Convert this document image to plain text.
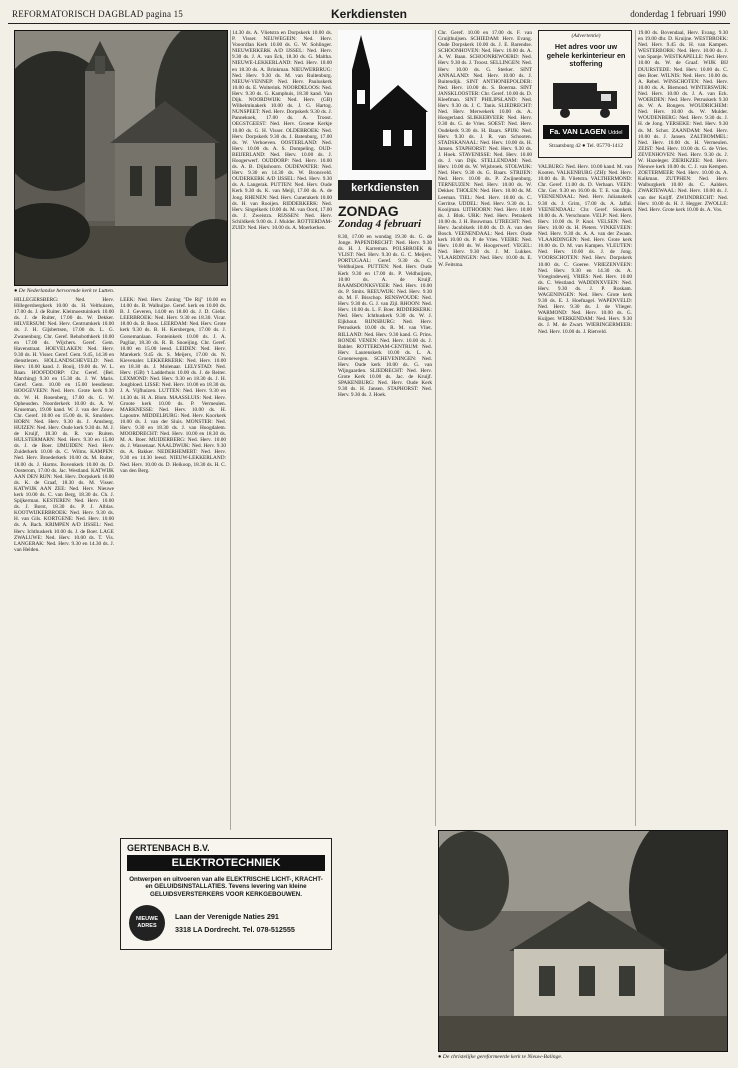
REFORMATORISCH DAGBLAD pagina 15	Kerkdiensten	donderdag 1 februari 1990
● De Nederlandse hervormde kerk te Lutten.

HILLEGERSBERG: Ned. Herv. Hillegersbergkerk 10.00 ds. H. Velthuizen, 17.00 ds. J. de Ruiter. Kleimoestuinkerk 10.00 ds. J. de Ruiter, 17.00 ds. W. Dekker. HILVERSUM: Ned. Herv. Centrumkerk 10.00 ds. J. H. Gijsbertsen, 17.00 ds. L. G. Zwanenburg. Chr. Geref. Rehobothkerk 10.00 en 17.00 ds. Wijchers. Geref. Gem. Havenstraat. HOEVELAKEN: Ned. Herv. 9.30 ds. H. Visser. Geref. Gem. 9.45, 14.30 en dienstlezen. HOLLANDSCHEVELD: Ned. Herv. 10.00 kand. J. Booij, 19.00 ds. W. L. Baan. HOOFDDORP: Chr. Geref. (Bel. Marching) 9.30 en 15.30 ds. J. W. Maris. Geref. Gem. 10.00 en 15.00 leesdienst. HOOGEVEEN: Ned. Herv. Grote kerk 9.30 ds. W. H. Rosenberg, 17.00 ds. G. W. Opheusden. Noorderkerk 10.00 ds. A. W. Kruseman, 19.00 kand. W. J. van der Zouw. Chr. Geref. 10.00 en 15.00 ds. K. Smolders. HORN: Ned. Herv. 9.30 ds. J. Amsberg. HUIZEN: Ned. Herv. Oude kerk 9.30 ds. M. J. de Kruijf, 18.30 ds. R. van Ruiten. HULSTERMARN: Ned. Herv. 9.30 en 15.00 ds. J. de Boer. IJMUIDEN: Ned. Herv. Zuiderkerk 10.00 ds. C. Wilms. KAMPEN: Ned. Herv. Broederkerk 10.00 ds. M. Ruiter, 18.00 ds. J. Harms. Bovenkerk 10.00 ds. D. Oosterom, 17.00 ds. Jac. Westland. KATWIJK AAN DEN RIJN: Ned. Herv. Dorpskerk 10.00 ds. K. de Graaf, 18.30 ds. M. Visser. KATWIJK AAN ZEE: Ned. Herv. Nieuwe kerk 10.00 ds. C. van Berg, 18.30 ds. Ch. J. Spijkerman. KESTEREN: Ned. Herv. 10.00 ds. J. Borst, 18.30 ds. P. J. Alblas. KOOTWIJKERBROEK: Ned. Herv. 9.30 ds. H. van Gils. KORTGENE: Ned. Herv. 10.00 ds. A. Bach. KRIMPEN A/D IJSSEL: Ned. Herv. Ichthuskerk 10.00 ds. J. de Boer. LAGE ZWALUWE: Ned. Herv. 10.00 ds. T. Vis. LANGERAK: Ned. Herv. 9.30 en 14.30 ds. J. van Helden.

LEEK: Ned. Herv. Zoning "De Rij" 10.00 en 14.00 ds. B. Walhuijze. Geref. kerk en 10.00 ds. B. J. Geveren, 14.00 en 18.00 ds. J. D. Gielis. LEERBROEK: Ned. Herv. 9.30 en 18.30. Vicar. 18.00 ds. B. Roos. LEERDAM: Ned. Herv. Grote kerk 9.30 ds. B. H. Kersbergen, 17.00 ds. J. Gorsemanlaan. Fonteinkerk 10.00 ds. J. A. Pagliar, 18.30 ds. R. B. Snoeijing. Chr. Geref. 10.00 en 15.00 leesd. LEIDEN: Ned. Herv. Marekerk 9.45 ds. S. Meijers, 17.00 ds. N. Kievenaler. LEKKERKERK: Ned. Herv. 10.00 en 18.30 ds. J. Molenaar. LELYSTAD: Ned. Herv. (GB) 't Ladderhuis 10.00 ds. J. de Reiter. LEXMOND: Ned. Herv. 9.30 en 18.30 ds. J. H. Jongbloed. LISSE: Ned. Herv. 10.00 en 18.30 ds. J. A. Vijfhuizen. LUTTEN: Ned. Herv. 9.30 en 14.30 ds. H. A. Blom. MAASSLUIS: Ned. Herv. Groote kerk 10.00 ds. P. Vermeulen. MARKNESSE: Ned. Herv. 10.00 ds. H. Lapoutre. MIDDELBURG: Ned. Herv. Koorkerk 10.00 ds. J. van der Sluis. MONSTER: Ned. Herv. 9.30 en 18.30 ds. J. van Hoogdalem. MOORDRECHT: Ned. Herv. 10.00 en 18.30 ds. M. A. Boer. MUIDERBERG: Ned. Herv. 10.00 ds. J. Wassenaar. NAALDWIJK: Ned. Herv. 9.30 ds. A. Bakker. NEDERHEMERT: Ned. Herv. 9.30 en 14.30 leesd. NIEUW-LEKKERLAND: Ned. Herv. 10.00 ds. D. Heikoop, 18.30 ds. H. C. van den Berg.

14.30 ds. A. Vlietstra en Dorpskerk 10.00 ds. P. Visser. NEUWEGEIN: Ned. Herv. Vooordlan Kerk 10.00 ds. G. W. Sohlinger. NIEUWERKERK A/D IJSSEL: Ned. Herv. 9.30 ds. J. A. van Eck, 18.30 ds. G. Maltha. NIEUWE-LEKKERLAND: Ned. Herv. 10.00 en 18.30 ds. A. Brinkman. NIEUWERBRUG: Ned. Herv. 9.30 ds. M. van Ruitenburg. NIEUW-VENNEP: Ned. Herv. Pauluskerk 10.00 ds. E. Wolterink. NOORDELOOS: Ned. Herv. 9.30 ds. G. Kamphuis, 18.30 kand. Van Dijk. NOORDWIJK: Ned. Herv. (GB) Wilhelminakerk 10.00 ds. J. G. Hartog. NUNSPEET: Ned. Herv. Dorpskerk 9.30 ds. J. Pannekoek, 17.00 ds. A. Troost. OEGSTGEEST: Ned. Herv. Groene Kerkje 10.00 ds. G. H. Visser. OLDEBROEK: Ned. Herv. Dorpskerk 9.30 ds. J. Batenburg, 17.00 ds. W. Verhoeven. OOSTERLAND: Ned. Herv. 10.00 ds. A. S. Dompeling. OUD-BEIJERLAND: Ned. Herv. 10.00 ds. J. Hoogerwerf. OUDDORP: Ned. Herv. 10.00 ds. A. B. Dijkshoorn. OUDEWATER: Ned. Herv. 9.30 en 14.30 ds. W. Bronsveld. OUDERKERK A/D IJSSEL: Ned. Herv. 9.30 ds. A. Langerak. PUTTEN: Ned. Herv. Oude Kerk 9.30 ds. K. van Meijl, 17.00 ds. A. de Jong. RHENEN: Ned. Herv. Cunerakerk 10.00 ds. H. van Rooijen. RIDDERKERK: Ned. Herv. Singelkerk 10.00 ds. M. van Oord, 17.00 ds. J. Zweistra. RIJSSEN: Ned. Herv. Schildkerk 9.00 ds. J. Mulder. ROTTERDAM-ZUID: Ned. Herv. 10.00 ds. A. Moerkerken.

GERTENBACH B.V.
ELEKTROTECHNIEK
Ontwerpen en uitvoeren van alle ELEKTRISCHE LICHT-, KRACHT- en GELUIDSINSTALLATIES. Tevens levering van kleine GELUIDSVERSTERKERS VOOR KERKGEBOUWEN.
NIEUWE ADRES
Laan der Verenigde Naties 291
3318 LA Dordrecht. Tel. 078-512555
kerkdiensten
ZONDAG
Zondag 4 februari

8.30, 17.00 en wondag 19.30 ds. G. de Jonge. PAPENDRECHT: Ned. Herv. 9.30 ds. H. J. Karreman. POLSBROEK & VLIST: Ned. Herv. 9.30 ds. G. C. Meijers. PORTUGAAL: Geref. 9.30 ds. C. Veldhuijzen. PUTTEN: Ned. Herv. Oude Kerk 9.30 en 17.00 ds. P. Veldhuijzen, 10.00 ds. A. de Kruijf. RAAMSDONKSVEER: Ned. Herv. 10.00 ds. P. Smits. REEUWIJK: Ned. Herv. 9.30 ds. M. F. Bisschop. RENSWOUDE: Ned. Herv. 9.30 ds. G. J. van Zijl. RHOON: Ned. Herv. 10.00 ds. L. F. Boer. RIDDERKERK: Ned. Herv. Ichthuskerk 9.30 ds. W. J. Eijkhout. RIJNSBURG: Ned. Herv. Petruskerk 10.00 ds. R. M. van Vliet. RILLAND: Ned. Herv. 9.30 kand. G. Prins. RONDE VENEN: Ned. Herv. 10.00 ds. J. Bahler. ROTTERDAM-CENTRUM: Ned. Herv. Laurenskerk 10.00 ds. L. A. Groenewegen. SCHEVENINGEN: Ned. Herv. Oude kerk 10.00 ds. G. van Wijngaarden. SLIEDRECHT: Ned. Herv. Grote Kerk 10.00 ds. Jac. de Kruijf. SPAKENBURG: Ned. Herv. Oude Kerk 9.30 ds. H. Jansen. STAPHORST: Ned. Herv. 9.30 ds. J. Hoek.

● De christelijke gereformeerde kerk te Nieuw-Balinge.

Chr. Geref. 10.00 en 17.00 ds. F. van Gruijthuijsen. SCHIEDAM: Herv. Evang. Oude Dorpskerk 10.00 ds. J. E. Barendse. SCHOONHOVEN: Ned. Herv. 10.00 ds. A. A. W. Baan. SCHOONREWOERD: Ned. Herv. 9.30 ds. J. Troost. SELLINGEN: Ned. Herv. 10.00 ds. G. Sterker. SINT ANNALAND: Ned. Herv. 10.00 ds. J. Buitendijk. SINT ANTHONIEPOLDER: Ned. Herv. 10.00 ds. S. Boerma. SINT JANSKLOOSTER: Chr. Geref. 10.00 ds. D. Kleefman. SINT PHILIPSLAND: Ned. Herv. 9.30 ds. J. C. Tanis. SLIEDRECHT: Ned. Herv. Merwekerk 10.00 ds. A. Hoogerland. SLIKKERVEER: Ned. Herv. 9.30 ds. G. de Vries. SOEST: Ned. Herv. Oudekerk 9.30 ds. H. Baars. SPIJK: Ned. Herv. 9.30 ds. J. R. van Schooten. STADSKANAAL: Ned. Herv. 10.00 ds. H. Jansen. STAPHORST: Ned. Herv. 9.30 ds. J. Hoek. STAVENISSE: Ned. Herv. 10.00 ds. J. van Dijk. STELLENDAM: Ned. Herv. 10.00 ds. W. Wijsbroek. STOLWIJK: Ned. Herv. 9.30 ds. G. Baars. STRIJEN: Ned. Herv. 10.00 ds. P. Zwijnenburg. TERNEUZEN: Ned. Herv. 10.00 ds. W. Dekker. THOLEN: Ned. Herv. 10.00 ds. M. Leeman. TIEL: Ned. Herv. 10.00 ds. C. Gerritse. UDDEL: Ned. Herv. 9.30 ds. L. Kooijman. UITHOORN: Ned. Herv. 10.00 ds. J. Blok. URK: Ned. Herv. Petrakerk 10.00 ds. J. H. Bouwman. UTRECHT: Ned. Herv. Jacobikerk 10.00 ds. D. A. van den Bosch. VEENENDAAL: Ned. Herv. Oude kerk 10.00 ds. P. de Vries. VEERE: Ned. Herv. 10.00 ds. W. Hoogerwerf. VEGEL: Ned. Herv. 9.30 ds. J. M. Lukkes. VLAARDINGEN: Ned. Herv. 10.00 ds. E. W. Feitsma.

(Advertentie)
Het adres voor uw gehele kerkinterieur en stoffering
Fa. VAN LAGEN Uddel
Straatsburg 42 ● Tel. 05770-1412

VALBURG: Ned. Herv. 10.00 kand. M. van Kooten. VALKENBURG (ZH): Ned. Herv. 10.00 ds. B. Vlietstra. VALTHERMOND: Chr. Geref. 11.00 ds. D. Verbaan. VEEN: Chr. Ger. 9.30 en 16.00 ds. T. E. van Dijk. VEENENDAAL: Ned. Herv. Julianakerk 9.30 ds. J. Grim, 17.00 ds. A. Jaffal. VEENENDAAL: Chr. Geref. Sionkerk 10.00 ds. A. Verschuure. VELP: Ned. Herv. Herv. 10.00 ds. P. Knol. VELSEN: Ned. Herv. 10.00 ds. H. Pieters. VINKEVEEN: Ned. Herv. 9.30 ds. A. A. van der Zwaan. VLAARDINGEN: Ned. Herv. Grote kerk 10.00 ds. D. M. van Kampen. VLEUTEN: Ned. Herv. 10.00 ds. J. de Jong. VOORSCHOTEN: Ned. Herv. Dorpskerk 10.00 ds. C. Goeree. VRIEZENVEEN: Ned. Herv. 9.30 en 14.30 ds. A. Vroegindeweij. VRIES: Ned. Herv. 10.00 ds. C. Westland. WADDINXVEEN: Ned. Herv. 9.30 ds. J. P. Roskam. WAGENINGEN: Ned. Herv. Grote kerk 9.30 ds. E. J. Hoefnagel. WAPENVELD: Ned. Herv. 9.30 ds. J. de Vlieger. WARMOND: Ned. Herv. 10.00 ds. G. Kuijper. WERKENDAM: Ned. Herv. 9.30 ds. J. M. de Zwart. WIERINGERMEER: Ned. Herv. 10.00 ds. J. Rietveld.

19.00 ds. Bovendaal, Herv. Evang. 9.30 en 19.00 dhr. D. Kruijne. WESTBROEK: Ned. Herv. 9.45 ds. H. van Kampen. WESTERBORK: Ned. Herv. 10.00 ds. J. van Spanje. WESTKAPELLE: Ned. Herv. 10.00 ds. W. de Graaf. WIJK BIJ DUURSTEDE: Ned. Herv. 10.00 ds. C. den Boer. WILNIS: Ned. Herv. 10.00 ds. A. Rebel. WINSCHOTEN: Ned. Herv. 10.00 ds. A. Biemond. WINTERSWIJK: Ned. Herv. 10.00 ds. J. A. van Eck. WOERDEN: Ned. Herv. Petruskerk 9.30 ds. W. A. Bongers. WOUDRICHEM: Ned. Herv. 10.00 ds. W. Mulder. WOUDENBERG: Ned. Herv. 9.30 ds. J. H. de Jong. YERSEKE: Ned. Herv. 9.30 ds. M. Schot. ZAANDAM: Ned. Herv. 10.00 ds. J. Jansen. ZALTBOMMEL: Ned. Herv. 10.00 ds. H. Vermeulen. ZEIST: Ned. Herv. 10.00 ds. G. de Vries. ZEVENHOVEN: Ned. Herv. 9.30 ds. J. W. Hazeleger. ZIERIKZEE: Ned. Herv. Nieuwe kerk 10.00 ds. C. J. van Kempen. ZOETERMEER: Ned. Herv. 10.00 ds. A. Kalkman. ZUTPHEN: Ned. Herv. Walburgkerk 10.00 ds. C. Aalders. ZWARTEWAAL: Ned. Herv. 10.00 ds. J. van der Knijff. ZWIJNDRECHT: Ned. Herv. 10.00 ds. H. J. Hegger. ZWOLLE: Ned. Herv. Grote kerk 10.00 ds. A. Vos.
